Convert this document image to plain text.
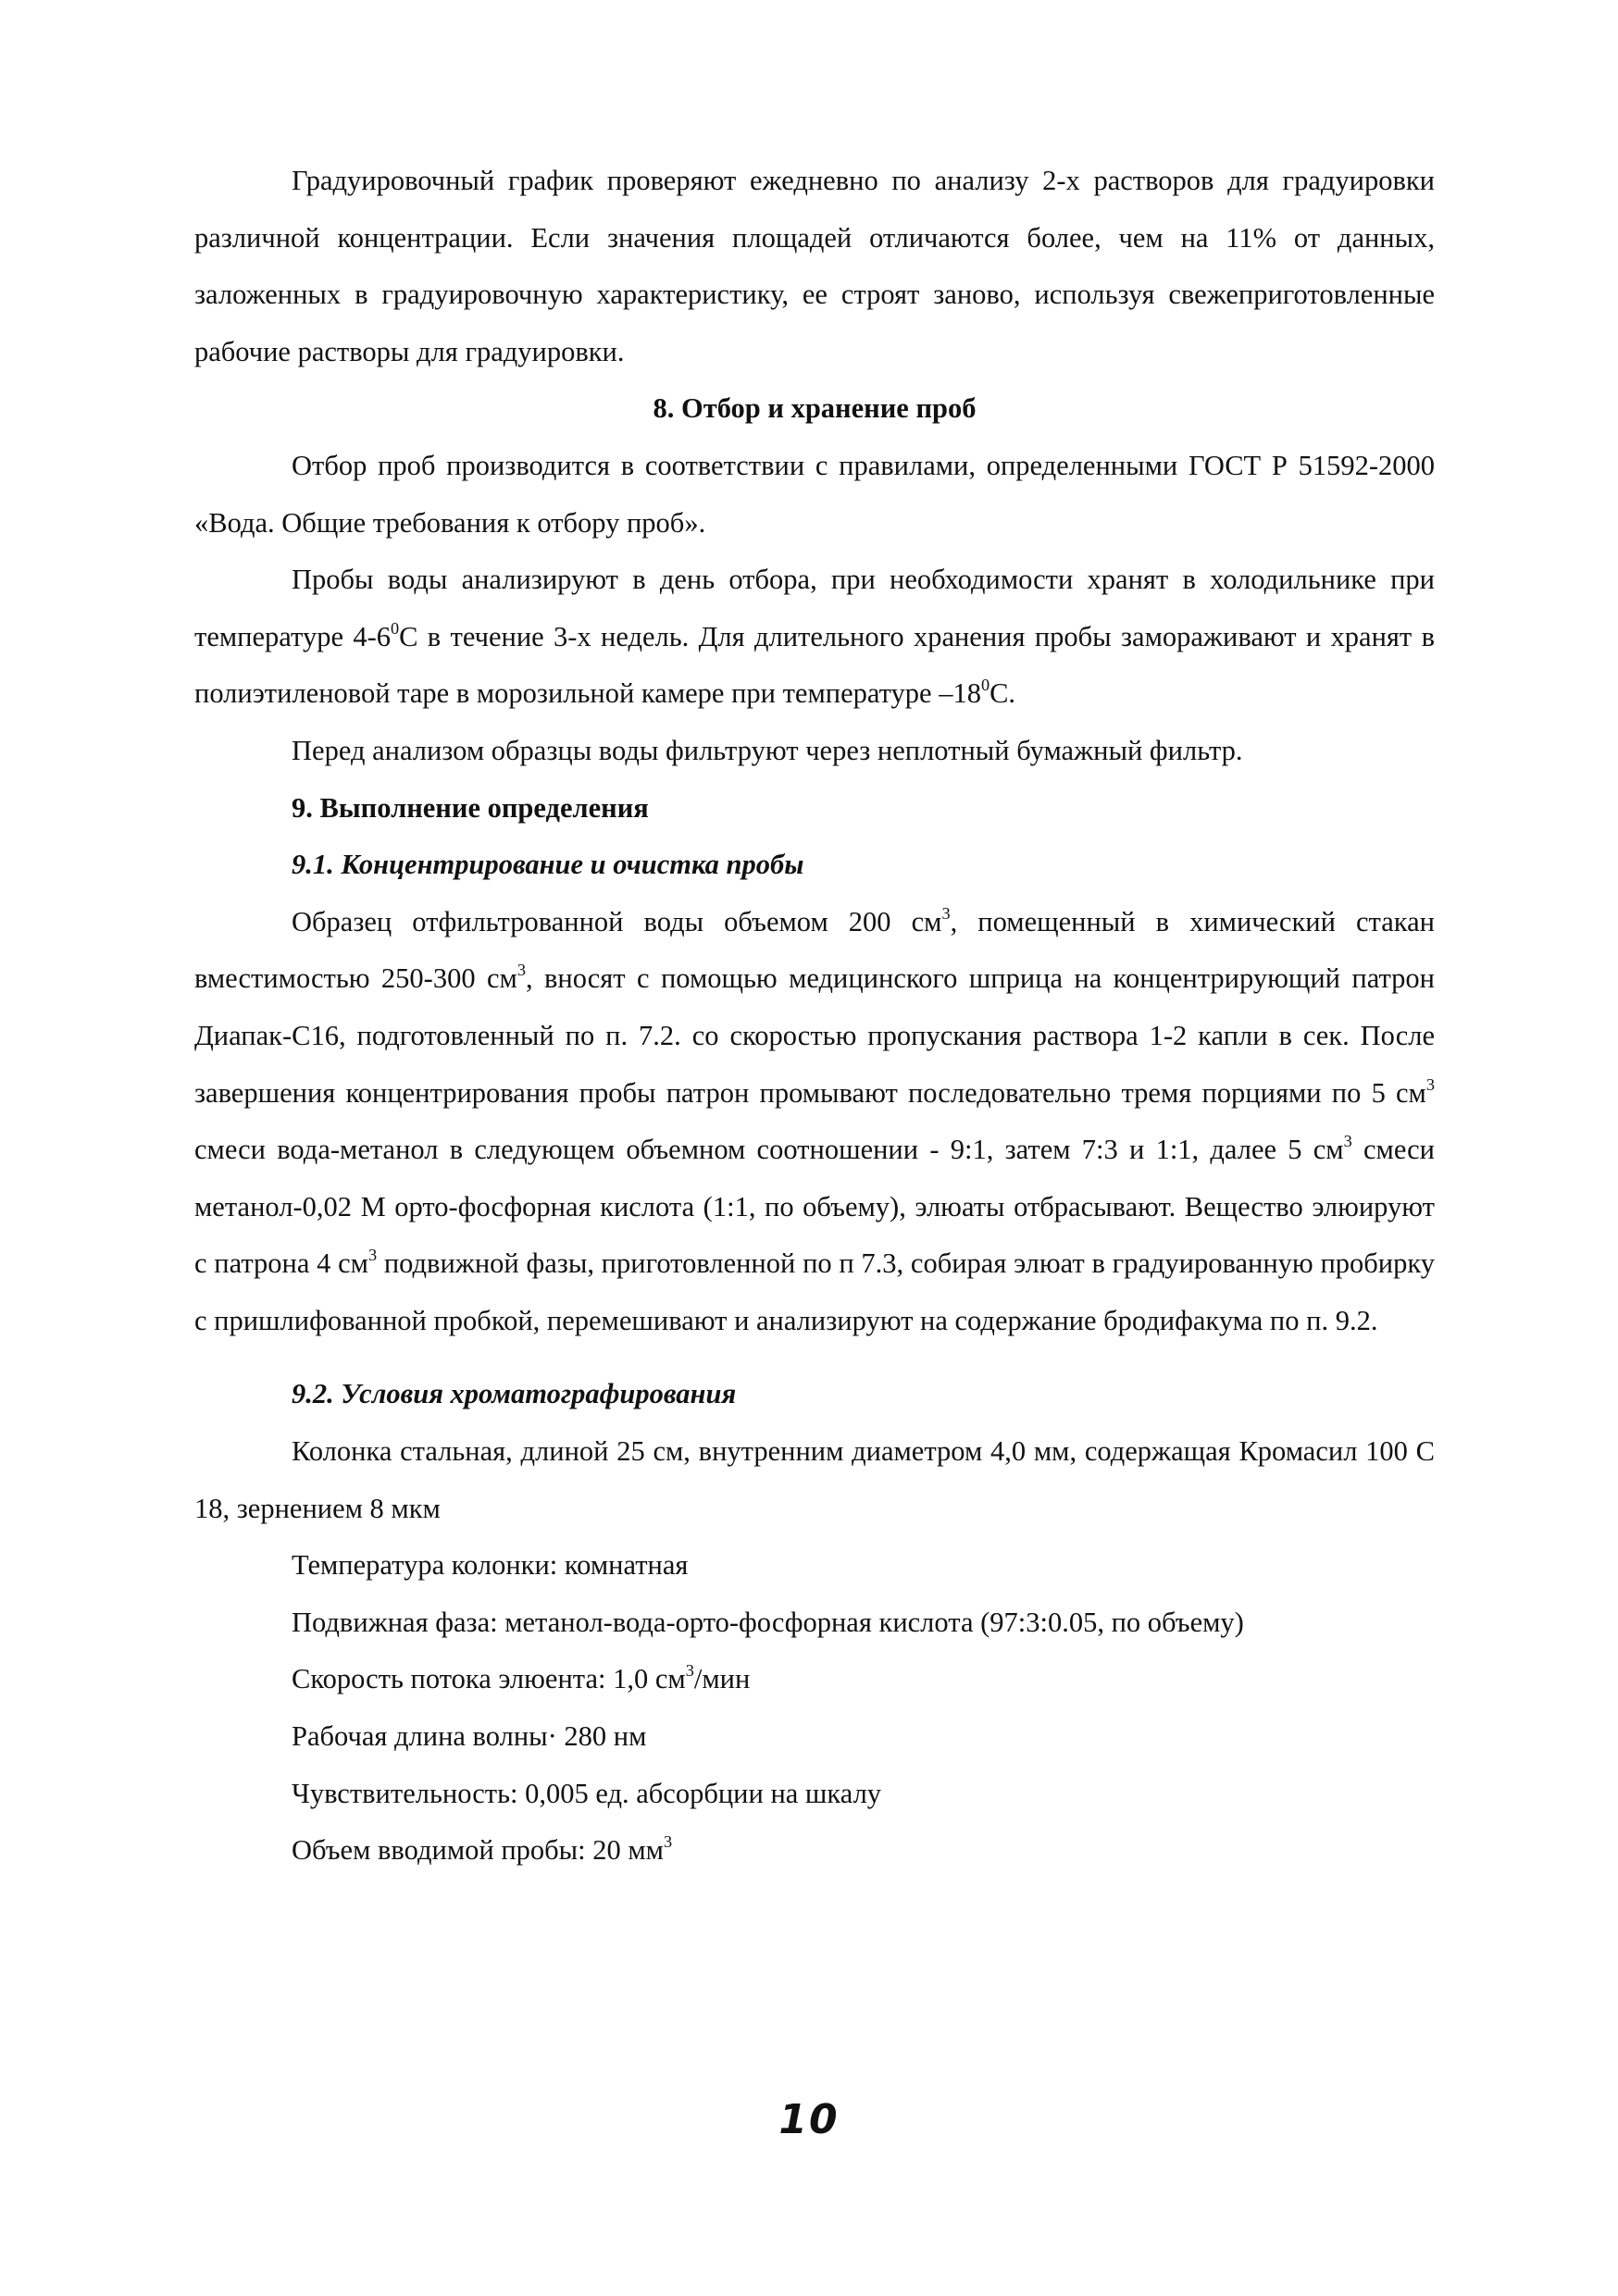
Градуировочный график проверяют ежедневно по анализу 2-х растворов для градуировки различной концентрации. Если значения площадей отличаются более, чем на 11% от данных, заложенных в градуировочную характеристику, ее строят заново, используя свежеприготовленные рабочие растворы для градуировки.

8. Отбор и хранение проб

Отбор проб производится в соответствии с правилами, определенными ГОСТ Р 51592-2000 «Вода. Общие требования к отбору проб».

Пробы воды анализируют в день отбора, при необходимости хранят в холодильнике при температуре $4-6^0С$ в течение 3-х недель. Для длительного хранения пробы замораживают и хранят в полиэтиленовой таре в морозильной камере при температуре $-18^0С$.

Перед анализом образцы воды фильтруют через неплотный бумажный фильтр.

9. Выполнение определения

9.1. Концентрирование и очистка пробы

Образец отфильтрованной воды объемом 200 $см^3$, помещенный в химический стакан вместимостью 250-300 $см^3$, вносят с помощью медицинского шприца на концентрирующий патрон Диапак-С16, подготовленный по п. 7.2. со скоростью пропускания раствора 1-2 капли в сек. После завершения концентрирования пробы патрон промывают последовательно тремя порциями по 5 $см^3$ смеси вода-метанол в следующем объемном соотношении - 9:1, затем 7:3 и 1:1, далее 5 $см^3$ смеси метанол-0,02 М орто-фосфорная кислота (1:1, по объему), элюаты отбрасывают. Вещество элюируют с патрона 4 $см^3$ подвижной фазы, приготовленной по п 7.3, собирая элюат в градуированную пробирку с пришлифованной пробкой, перемешивают и анализируют на содержание бродифакума по п. 9.2.

9.2. Условия хроматографирования

Колонка стальная, длиной 25 см, внутренним диаметром 4,0 мм, содержащая Кромасил 100 С 18, зернением 8 мкм

Температура колонки: комнатная

Подвижная фаза: метанол-вода-орто-фосфорная кислота (97:3:0.05, по объему)

Скорость потока элюента: 1,0 $см^3$/мин

Рабочая длина волны· 280 нм

Чувствительность: 0,005 ед. абсорбции на шкалу

Объем вводимой пробы: 20 $мм^3$

10
